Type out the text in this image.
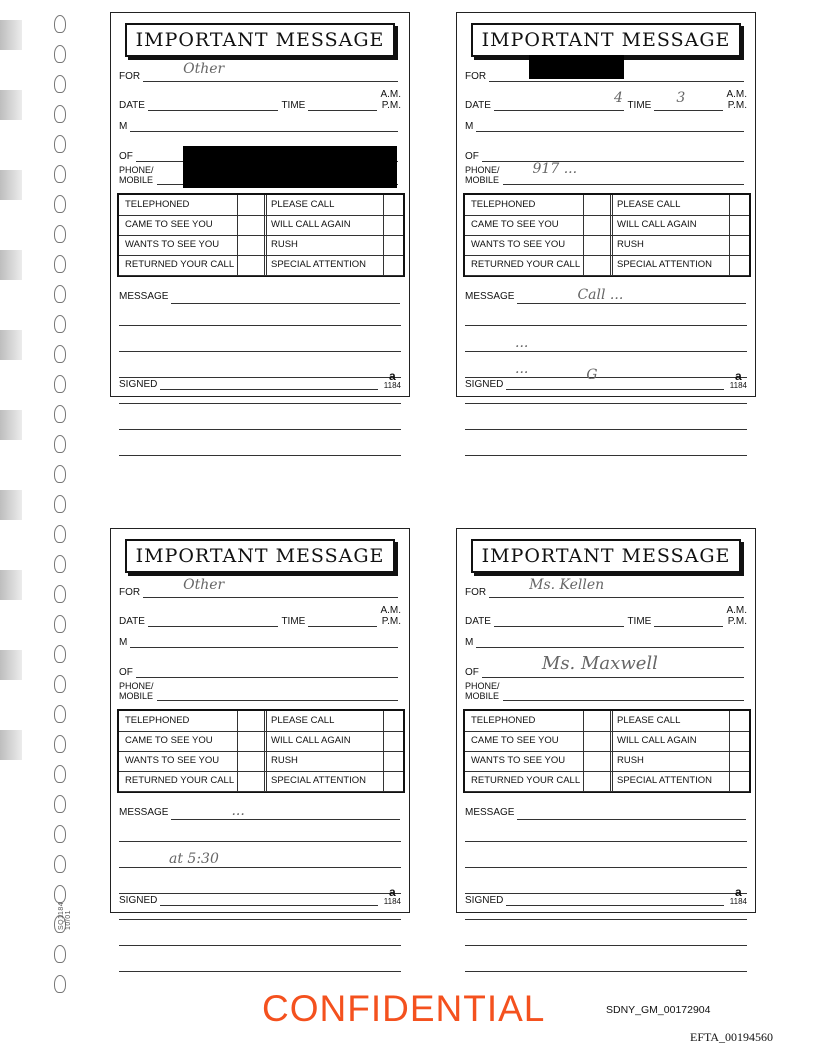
SQ1184 10/01
IMPORTANT MESSAGE
FOR	Other
DATE	TIME
A.M.
P.M.
M
OF
PHONE/
MOBILE
TELEPHONED	PLEASE CALL
CAME TO SEE YOU	WILL CALL AGAIN
WANTS TO SEE YOU	RUSH
RETURNED YOUR CALL	SPECIAL ATTENTION
MESSAGE
SIGNED
a
1184
IMPORTANT MESSAGE
FOR
DATE	4 TIME 3	A.M.
P.M.
M
OF
PHONE/
MOBILE
917 ...
TELEPHONED	PLEASE CALL
CAME TO SEE YOU	WILL CALL AGAIN
WANTS TO SEE YOU	RUSH
RETURNED YOUR CALL	SPECIAL ATTENTION
MESSAGE	Call ...
...
...
SIGNED
G	a
1184
IMPORTANT MESSAGE
FOR	Other
DATE	TIME
A.M.
P.M.
M
OF
PHONE/
MOBILE
TELEPHONED	PLEASE CALL
CAME TO SEE YOU	WILL CALL AGAIN
WANTS TO SEE YOU	RUSH
RETURNED YOUR CALL	SPECIAL ATTENTION
MESSAGE	...
at 5:30
SIGNED
a
1184
IMPORTANT MESSAGE
FOR	Ms. Kellen
DATE	TIME
A.M.
P.M.
M
OF	Ms. Maxwell
PHONE/
MOBILE
TELEPHONED	PLEASE CALL
CAME TO SEE YOU	WILL CALL AGAIN
WANTS TO SEE YOU	RUSH
RETURNED YOUR CALL	SPECIAL ATTENTION
MESSAGE
SIGNED
a
1184
CONFIDENTIAL	SDNY_GM_00172904
EFTA_00194560
